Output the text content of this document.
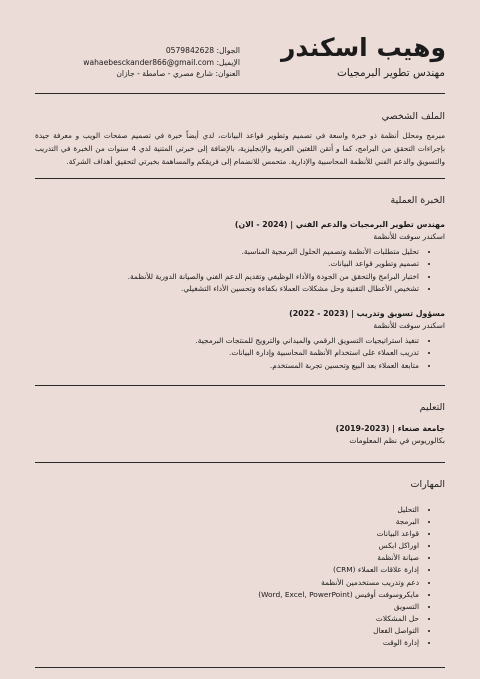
وهيب اسكندر
مهندس تطوير البرمجيات
الجوال: 0579842628
الإيميل: wahaebesckander866@gmail.com
العنوان: شارع مصري - صامطة - جازان
الملف الشخصي
مبرمج ومحلل أنظمة ذو خبرة واسعة في تصميم وتطوير قواعد البيانات، لدي أيضاً خبرة في تصميم صفحات الويب و معرفة جيدة بإجراءات التحقق من البرامج، كما و أتقن اللغتين العربية والإنجليزية، بالإضافة إلى خبرتي المتنية لدي 4 سنوات من الخبرة في التدريب والتسويق والدعم الفني للأنظمة المحاسبية والإدارية. متحمس للانضمام إلى فريقكم والمساهمة بخبرتي لتحقيق أهداف الشركة.
الخبرة العملية
مهندس تطوير البرمجيات والدعم الفني | (2024 - الان)
اسكندر سوفت للأنظمة
• تحليل متطلبات الأنظمة وتصميم الحلول البرمجية المناسبة.
• تصميم وتطوير قواعد البيانات.
• اختبار البرامج والتحقق من الجودة والأداء الوظيفي وتقديم الدعم الفني والصيانة الدورية للأنظمة.
• تشخيص الأعطال التقنية وحل مشكلات العملاء بكفاءة وتحسين الأداء التشغيلي.
مسؤول تسويق وتدريب | (2023 - 2022)
اسكندر سوفت للأنظمة
• تنفيذ استراتيجيات التسويق الرقمي والميداني والترويج للمنتجات البرمجية.
• تدريب العملاء على استخدام الأنظمة المحاسبية وإدارة البيانات.
• متابعة العملاء بعد البيع وتحسين تجربة المستخدم.
التعليم
جامعة صنعاء | (2023-2019)
بكالوريوس في نظم المعلومات
المهارات
• التحليل
• البرمجة
• قواعد البيانات
• اوراكل ابكس
• صيانة الأنظمة
• إدارة علاقات العملاء (CRM)
• دعم وتدريب مستخدمين الأنظمة
• مايكروسوفت أوفيس (Word, Excel, PowerPoint)
• التسويق
• حل المشكلات
• التواصل الفعال
• إدارة الوقت
